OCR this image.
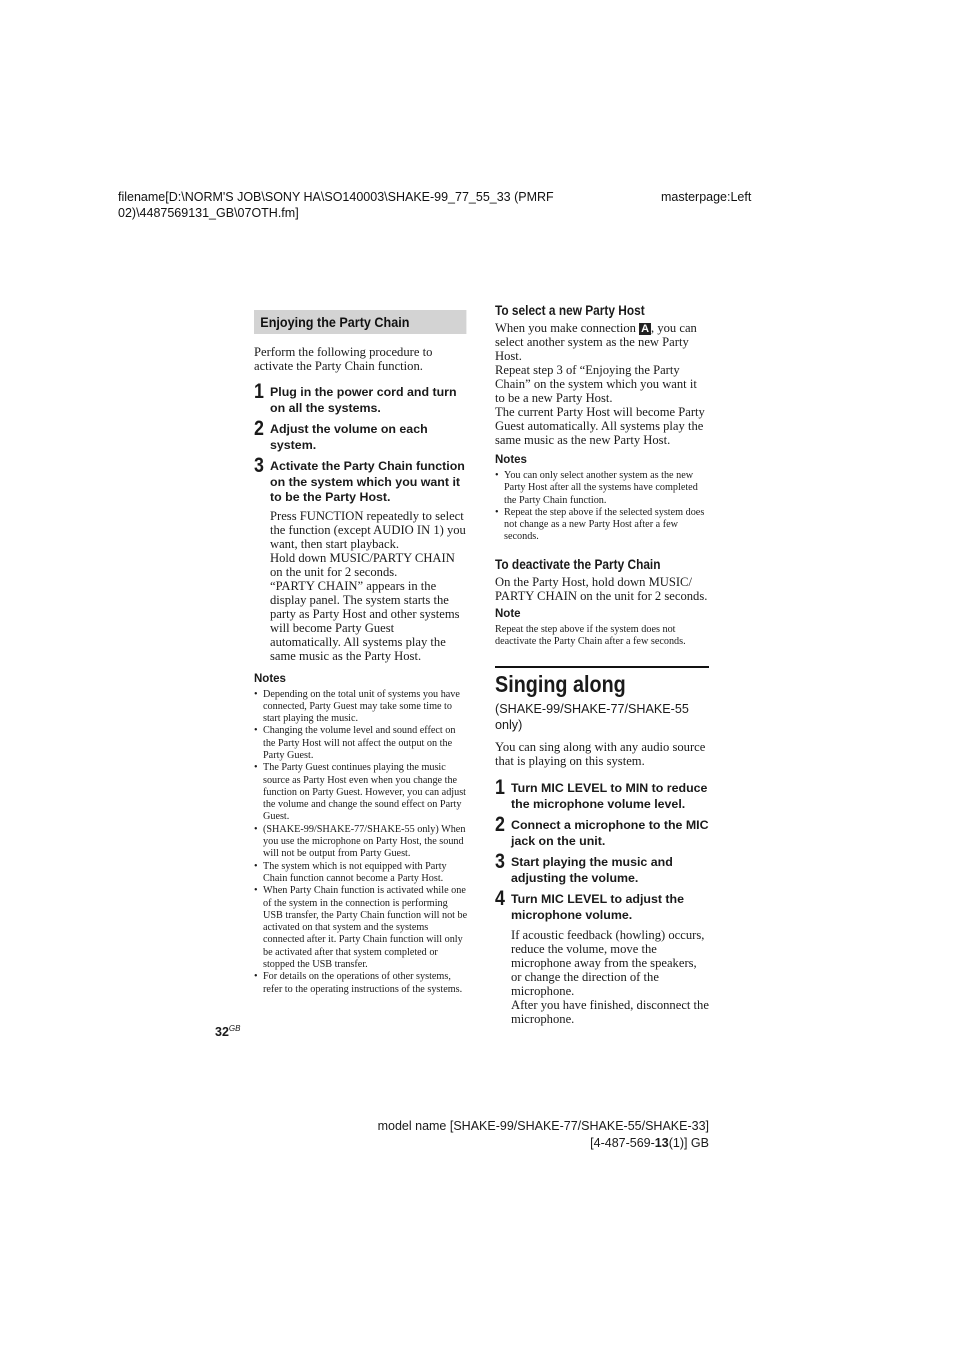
filename[D:\NORM'S JOB\SONY HA\SO140003\SHAKE-99_77_55_33 (PMRF 02)\4487569131_GB\07OTH.fm]
masterpage:Left
Enjoying the Party Chain

Perform the following procedure to activate the Party Chain function.

1 Plug in the power cord and turn on all the systems.
2 Adjust the volume on each system.
3 Activate the Party Chain function on the system which you want it to be the Party Host.

Press FUNCTION repeatedly to select the function (except AUDIO IN 1) you want, then start playback.

Hold down MUSIC/PARTY CHAIN on the unit for 2 seconds.

“PARTY CHAIN” appears in the display panel. The system starts the party as Party Host and other systems will become Party Guest automatically. All systems play the same music as the Party Host.

Notes
• Depending on the total unit of systems you have connected, Party Guest may take some time to start playing the music.
• Changing the volume level and sound effect on the Party Host will not affect the output on the Party Guest.
• The Party Guest continues playing the music source as Party Host even when you change the function on Party Guest. However, you can adjust the volume and change the sound effect on Party Guest.
• (SHAKE-99/SHAKE-77/SHAKE-55 only) When you use the microphone on Party Host, the sound will not be output from Party Guest.
• The system which is not equipped with Party Chain function cannot become a Party Host.
• When Party Chain function is activated while one of the system in the connection is performing USB transfer, the Party Chain function will not be activated on that system and the systems connected after it. Party Chain function will only be activated after that system completed or stopped the USB transfer.
• For details on the operations of other systems, refer to the operating instructions of the systems.
To select a new Party Host

When you make connection A , you can select another system as the new Party Host.

Repeat step 3 of “Enjoying the Party Chain” on the system which you want it to be a new Party Host.

The current Party Host will become Party Guest automatically. All systems play the same music as the new Party Host.

Notes
• You can only select another system as the new Party Host after all the systems have completed the Party Chain function.
• Repeat the step above if the selected system does not change as a new Party Host after a few seconds.
To deactivate the Party Chain

On the Party Host, hold down MUSIC/ PARTY CHAIN on the unit for 2 seconds.

Note

Repeat the step above if the system does not deactivate the Party Chain after a few seconds.

Singing along
(SHAKE-99/SHAKE-77/SHAKE-55 only)

You can sing along with any audio source that is playing on this system.

1 Turn MIC LEVEL to MIN to reduce the microphone volume level.
2 Connect a microphone to the MIC jack on the unit.
3 Start playing the music and adjusting the volume.
4 Turn MIC LEVEL to adjust the microphone volume.

If acoustic feedback (howling) occurs, reduce the volume, move the microphone away from the speakers, or change the direction of the microphone.

After you have finished, disconnect the microphone.

$32^{GB}$
model name [SHAKE-99/SHAKE-77/SHAKE-55/SHAKE-33]
[4-487-569-13(1)] GB
